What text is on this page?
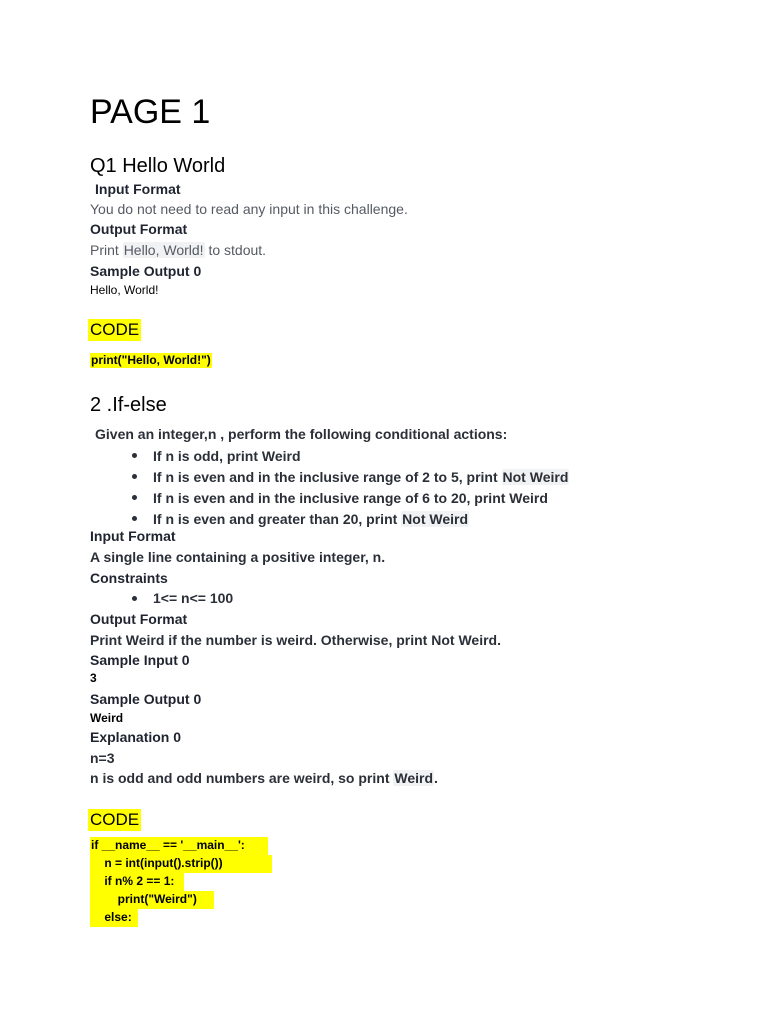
PAGE 1
Q1 Hello World
Input Format
You do not need to read any input in this challenge.
Output Format
Print Hello, World! to stdout.
Sample Output 0
Hello, World!
CODE
print("Hello, World!")
2 .If-else
Given an integer,n , perform the following conditional actions:
If n is odd, print Weird
If n is even and in the inclusive range of 2 to 5, print Not Weird
If n is even and in the inclusive range of 6 to 20, print Weird
If n is even and greater than 20, print Not Weird
Input Format
A single line containing a positive integer, n.
Constraints
1<= n<= 100
Output Format
Print Weird if the number is weird. Otherwise, print Not Weird.
Sample Input 0
3
Sample Output 0
Weird
Explanation 0
n=3
n is odd and odd numbers are weird, so print Weird.
CODE
if __name__ == '__main__':
n = int(input().strip())
if n% 2 == 1:
print("Weird")
else:
